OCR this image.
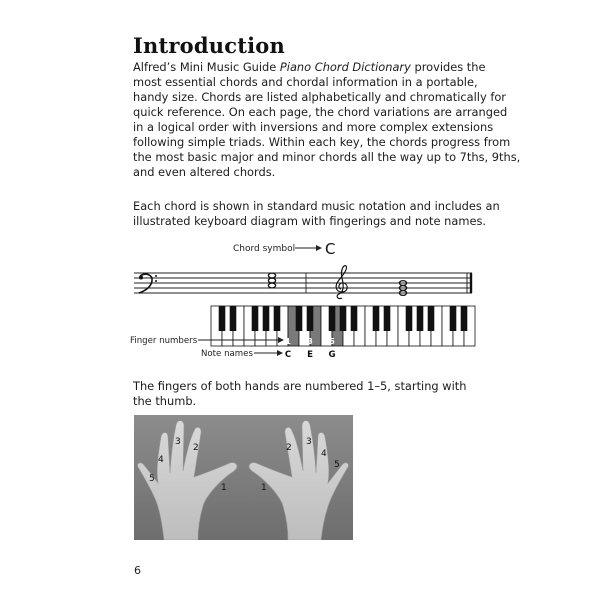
Introduction
Alfred’s Mini Music Guide Piano Chord Dictionary provides the
most essential chords and chordal information in a portable,
handy size. Chords are listed alphabetically and chromatically for
quick reference. On each page, the chord variations are arranged
in a logical order with inversions and more complex extensions
following simple triads. Within each key, the chords progress from
the most basic major and minor chords all the way up to 7ths, 9ths,
and even altered chords.
Each chord is shown in standard music notation and includes an
illustrated keyboard diagram with fingerings and note names.
Chord symbol C
Finger numbers
Note names
1 3 5
C E G
The fingers of both hands are numbered 1–5, starting with
the thumb.
5
4
3
2
1	1
2
3
4
5
6
